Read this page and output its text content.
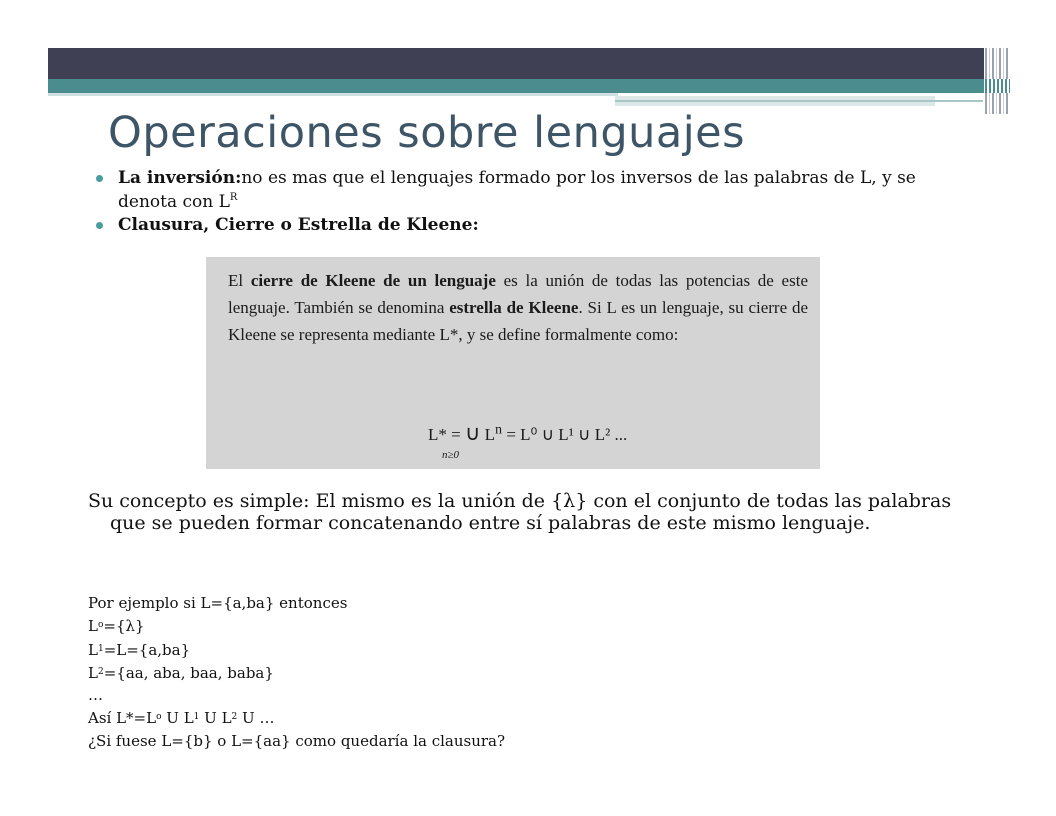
Operaciones sobre lenguajes
La inversión:no es mas que el lenguajes formado por los inversos de las palabras de L, y se denota con $L^R$
Clausura, Cierre o Estrella de Kleene:
El cierre de Kleene de un lenguaje es la unión de todas las potencias de este lenguaje. También se denomina estrella de Kleene. Si L es un lenguaje, su cierre de Kleene se representa mediante L*, y se define formalmente como:
L* = ∪ $L^n = L^0$ ∪ L¹ ∪ L² ...
n≥0

Su concepto es simple: El mismo es la unión de {λ} con el conjunto de todas las palabras que se pueden formar concatenando entre sí palabras de este mismo lenguaje.

Por ejemplo si L={a,ba} entonces
$L^o=\{\lambda\}$
$L^1=L=\{a,ba\}$
$L^2=\{aa$, aba, baa, baba}
…
Así $L*=L^o$ U $L^1$ U $L^2$ U …
¿Si fuese L={b} o L={aa} como quedaría la clausura?
